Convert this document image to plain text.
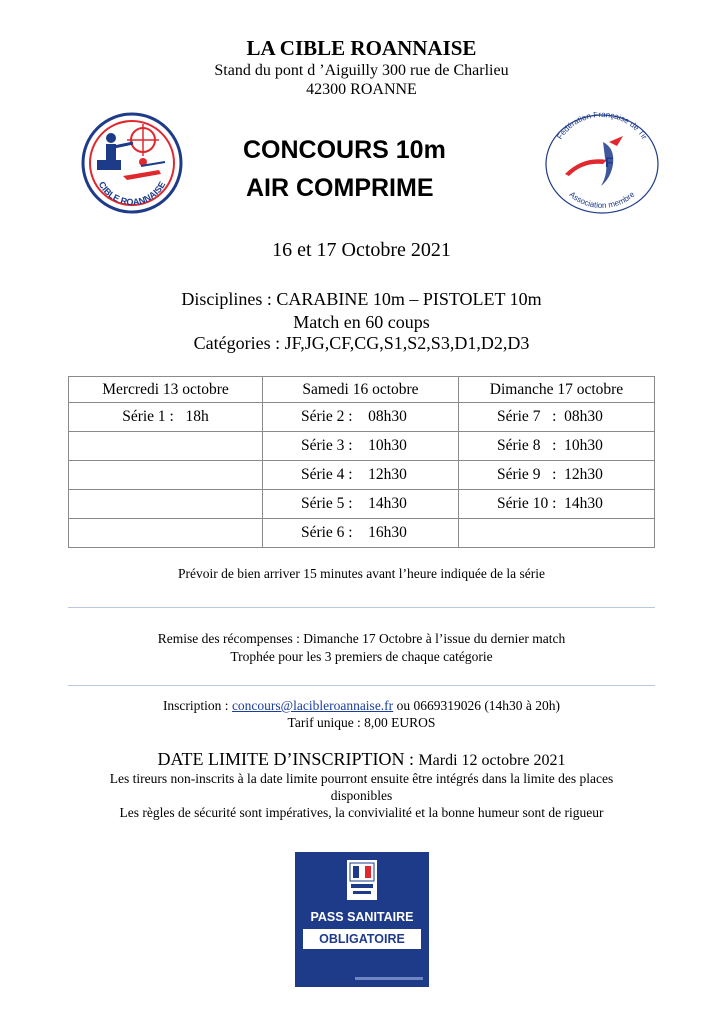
LA CIBLE ROANNAISE
Stand du pont d ’Aiguilly 300 rue de Charlieu
42300 ROANNE
CIBLE ROANNAISE
F
Fédération Française de Tir
Association membre
CONCOURS 10m
AIR COMPRIME
16 et 17 Octobre 2021
Disciplines : CARABINE 10m – PISTOLET 10m
Match en 60 coups
Catégories : JF,JG,CF,CG,S1,S2,S3,D1,D2,D3
Mercredi 13 octobre	Samedi 16 octobre	Dimanche 17 octobre
Série 1 :   18h	Série 2 :    08h30	Série 7   :  08h30
	Série 3 :    10h30	Série 8   :  10h30
	Série 4 :    12h30	Série 9   :  12h30
	Série 5 :    14h30	Série 10 :  14h30
	Série 6 :    16h30	
Prévoir de bien arriver 15 minutes avant l’heure indiquée de la série
Remise des récompenses : Dimanche 17 Octobre à l’issue du dernier match
Trophée pour les 3 premiers de chaque catégorie
Inscription : concours@lacibleroannaise.fr ou 0669319026 (14h30 à 20h)
Tarif unique : 8,00 EUROS
DATE LIMITE D’INSCRIPTION : Mardi 12 octobre 2021
Les tireurs non-inscrits à la date limite pourront ensuite être intégrés dans la limite des places disponibles
Les règles de sécurité sont impératives, la convivialité et la bonne humeur sont de rigueur
PASS SANITAIRE
OBLIGATOIRE
